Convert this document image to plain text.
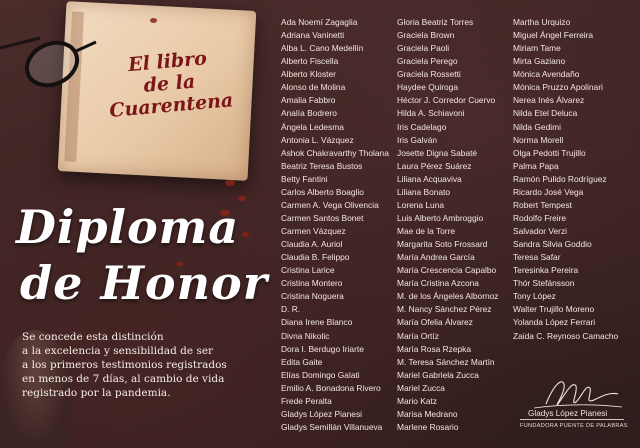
El libro
de la
Cuarentena
Diploma
de Honor
Se concede esta distinción
a la excelencia y sensibilidad de ser
a los primeros testimonios registrados
en menos de 7 días, al cambio de vida
registrado por la pandemia.
Ada Noemí Zagaglia
Adriana Vaninetti
Alba L. Cano Medellín
Alberto Fiscella
Alberto Kloster
Alonso de Molina
Amalia Fabbro
Analía Bodrero
Ángela Ledesma
Antonia L. Vázquez
Ashok Chakravarthy Tholana
Beatriz Teresa Bustos
Betty Fantini
Carlos Alberto Boaglio
Carmen A. Vega Olivencia
Carmen Santos Bonet
Carmen Vázquez
Claudia A. Auriol
Claudia B. Felippo
Cristina Larice
Cristina Montero
Cristina Noguera
D. R.
Diana Irene Blanco
Divna Nikolic
Dora I. Berdugo Iriarte
Edita Gaite
Elías Domingo Galati
Emilio A. Bonadona Rivero
Frede Peralta
Gladys López Pianesi
Gladys Semillán Villanueva
Gloria Beatriz Torres
Graciela Brown
Graciela Paoli
Graciela Perego
Graciela Rossetti
Haydee Quiroga
Héctor J. Corredor Cuervo
Hilda A. Schiavoni
Iris Cadelago
Iris Galván
Josette Digna Sabaté
Laura Pérez Suárez
Liliana Acquaviva
Liliana Bonato
Lorena Luna
Luis Alberto Ambroggio
Mae de la Torre
Margarita Soto Frossard
María Andrea García
María Crescencia Capalbo
María Cristina Azcona
M. de los Ángeles Albornoz
M. Nancy Sánchez Pérez
María Ofelia Álvarez
María Ortíz
María Rosa Rzepka
M. Teresa Sánchez Martín
Mariel Gabriela Zucca
Mariel Zucca
Mario Katz
Marisa Medrano
Marlene Rosario
Martha Urquizo
Miguel Ángel Ferreira
Miriam Tame
Mirta Gaziano
Mónica Avendaño
Mónica Pruzzo Apolinari
Nerea Inés Álvarez
Nilda Etel Deluca
Nilda Gedimi
Norma Morell
Olga Pedotti Trujillo
Palma Papa
Ramón Pulido Rodríguez
Ricardo José Vega
Robert Tempest
Rodolfo Freire
Salvador Verzi
Sandra Silvia Goddio
Teresa Safar
Teresinka Pereira
Thór Stefánsson
Tony López
Walter Trujillo Moreno
Yolanda López Ferrari
Zaida C. Reynoso Camacho
Gladys López Pianesi
FUNDADORA PUENTE DE PALABRAS
